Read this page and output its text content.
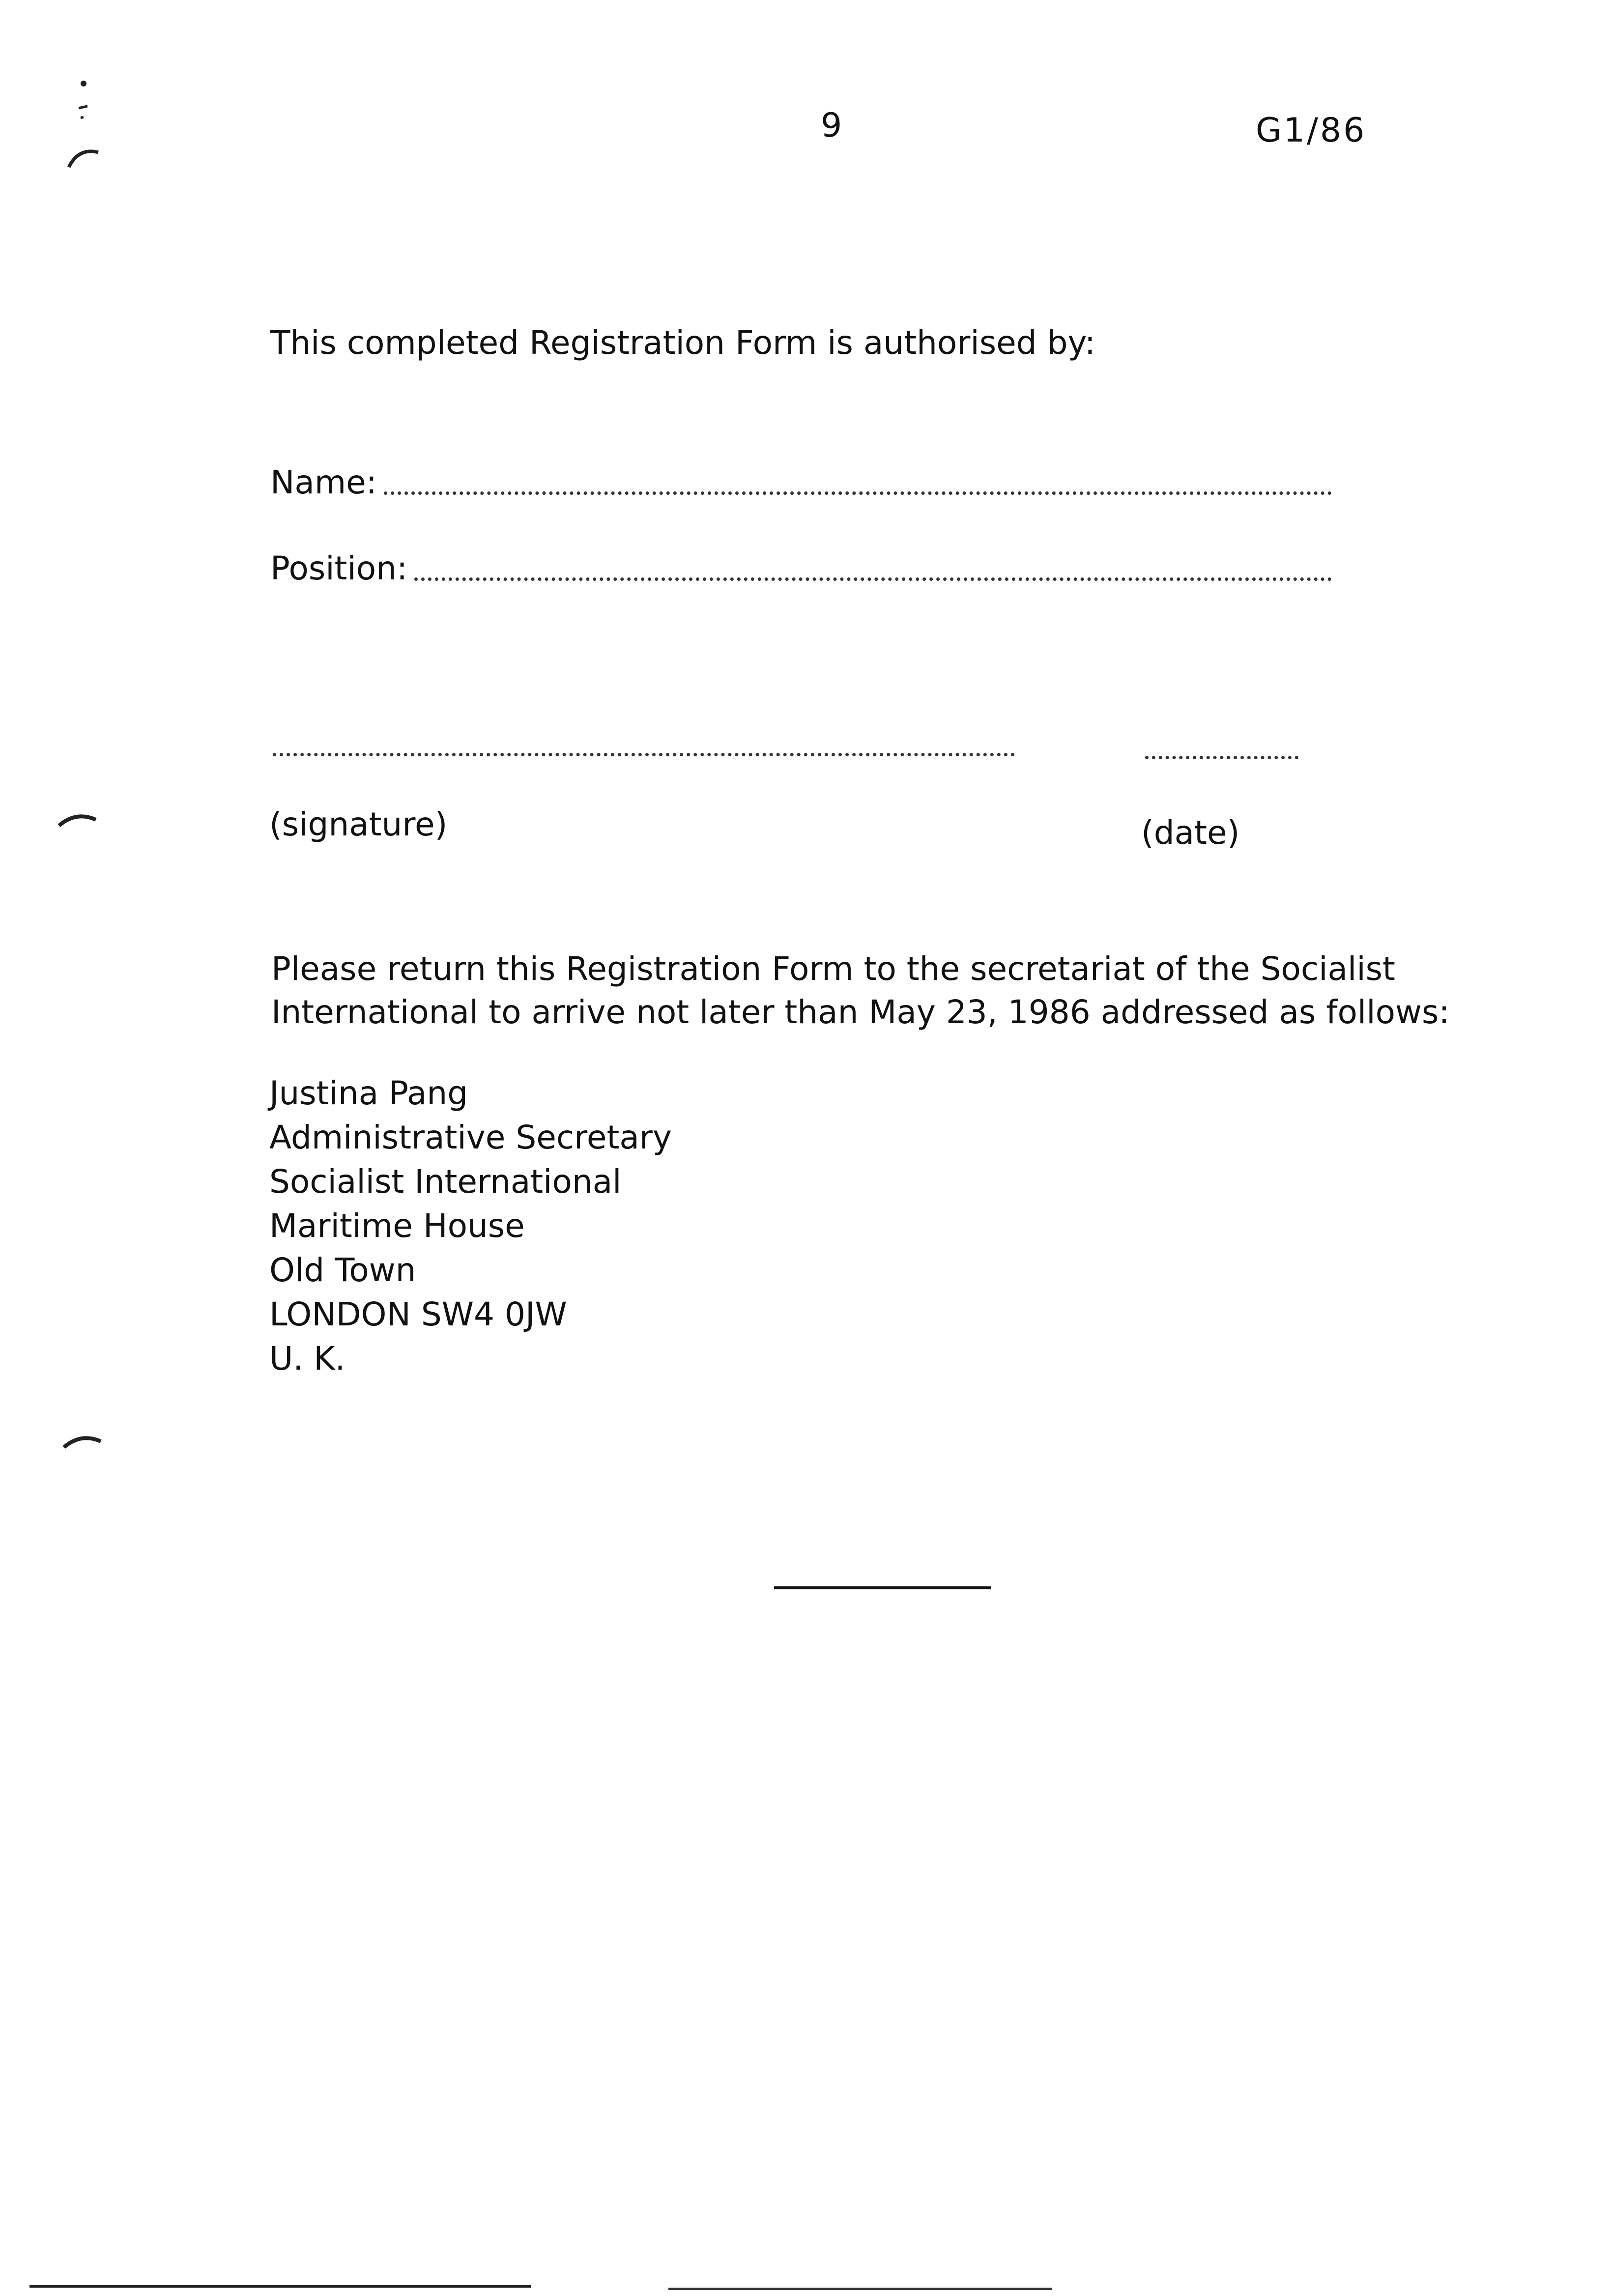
9	G1/86
This completed Registration Form is authorised by:
Name:
Position:
(signature)	(date)
Please return this Registration Form to the secretariat of the Socialist
International to arrive not later than May 23, 1986 addressed as follows:
Justina Pang
Administrative Secretary
Socialist International
Maritime House
Old Town
LONDON SW4 0JW
U. K.
